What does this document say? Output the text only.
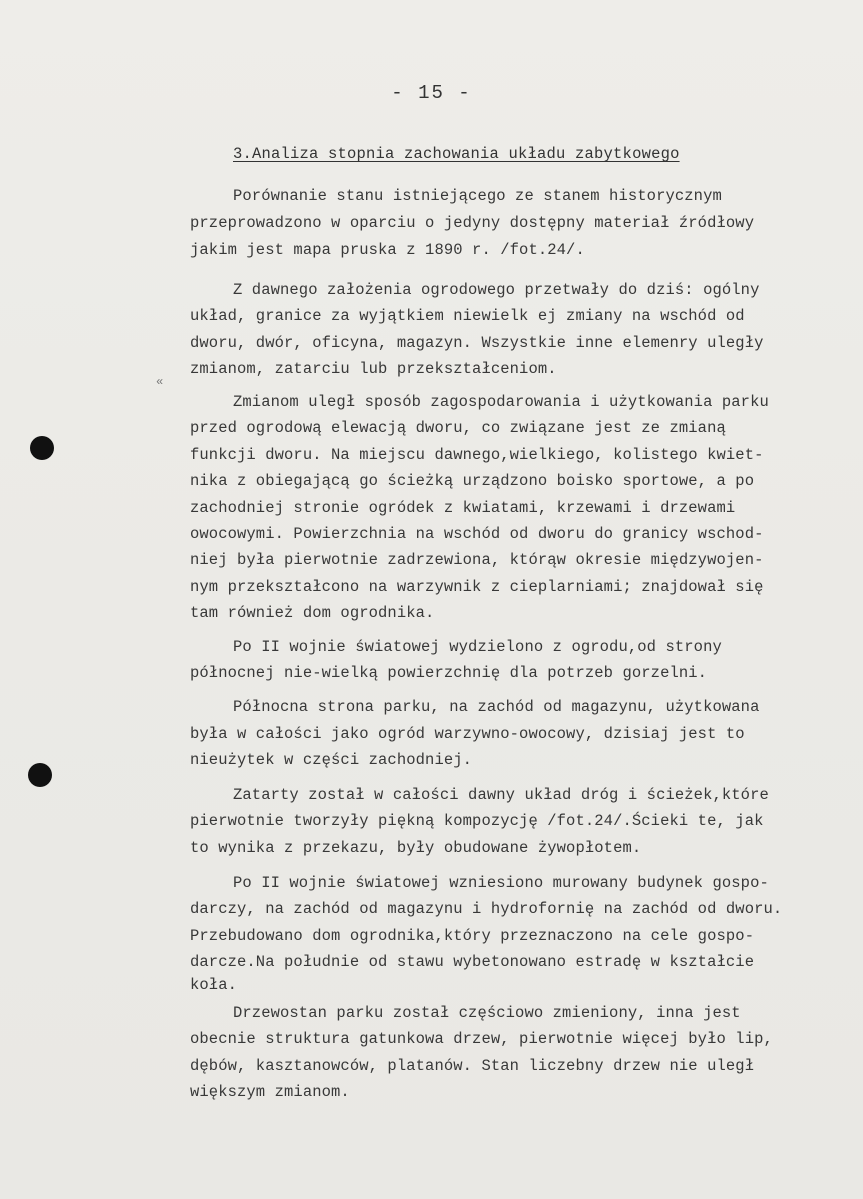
- 15 -
3.Analiza stopnia zachowania układu zabytkowego
«
Porównanie stanu istniejącego ze stanem historycznym
przeprowadzono w oparciu o jedyny dostępny materiał źródłowy
jakim jest mapa pruska z 1890 r. /fot.24/.
Z dawnego założenia ogrodowego przetwały do dziś: ogólny
układ, granice za wyjątkiem niewielk ej zmiany na wschód od
dworu, dwór, oficyna, magazyn. Wszystkie inne elemenry uległy
zmianom, zatarciu lub przekształceniom.
Zmianom uległ sposób zagospodarowania i użytkowania parku
przed ogrodową elewacją dworu, co związane jest ze zmianą
funkcji dworu. Na miejscu dawnego,wielkiego, kolistego kwiet-
nika z obiegającą go ścieżką urządzono boisko sportowe, a po
zachodniej stronie ogródek z kwiatami, krzewami i drzewami
owocowymi. Powierzchnia na wschód od dworu do granicy wschod-
niej była pierwotnie zadrzewiona, którąw okresie międzywojen-
nym przekształcono na warzywnik z cieplarniami; znajdował się
tam również dom ogrodnika.
Po II wojnie światowej wydzielono z ogrodu,od strony
północnej nie-wielką powierzchnię dla potrzeb gorzelni.
Północna strona parku, na zachód od magazynu, użytkowana
była w całości jako ogród warzywno-owocowy, dzisiaj jest to
nieużytek w części zachodniej.
Zatarty został w całości dawny układ dróg i ścieżek,które
pierwotnie tworzyły piękną kompozycję /fot.24/.Ścieki te, jak
to wynika z przekazu, były obudowane żywopłotem.
Po II wojnie światowej wzniesiono murowany budynek gospo-
darczy, na zachód od magazynu i hydrofornię na zachód od dworu.
Przebudowano dom ogrodnika,który przeznaczono na cele gospo-
darcze.Na południe od stawu wybetonowano estradę w kształcie
koła.
Drzewostan parku został częściowo zmieniony, inna jest
obecnie struktura gatunkowa drzew, pierwotnie więcej było lip,
dębów, kasztanowców, platanów. Stan liczebny drzew nie uległ
większym zmianom.
